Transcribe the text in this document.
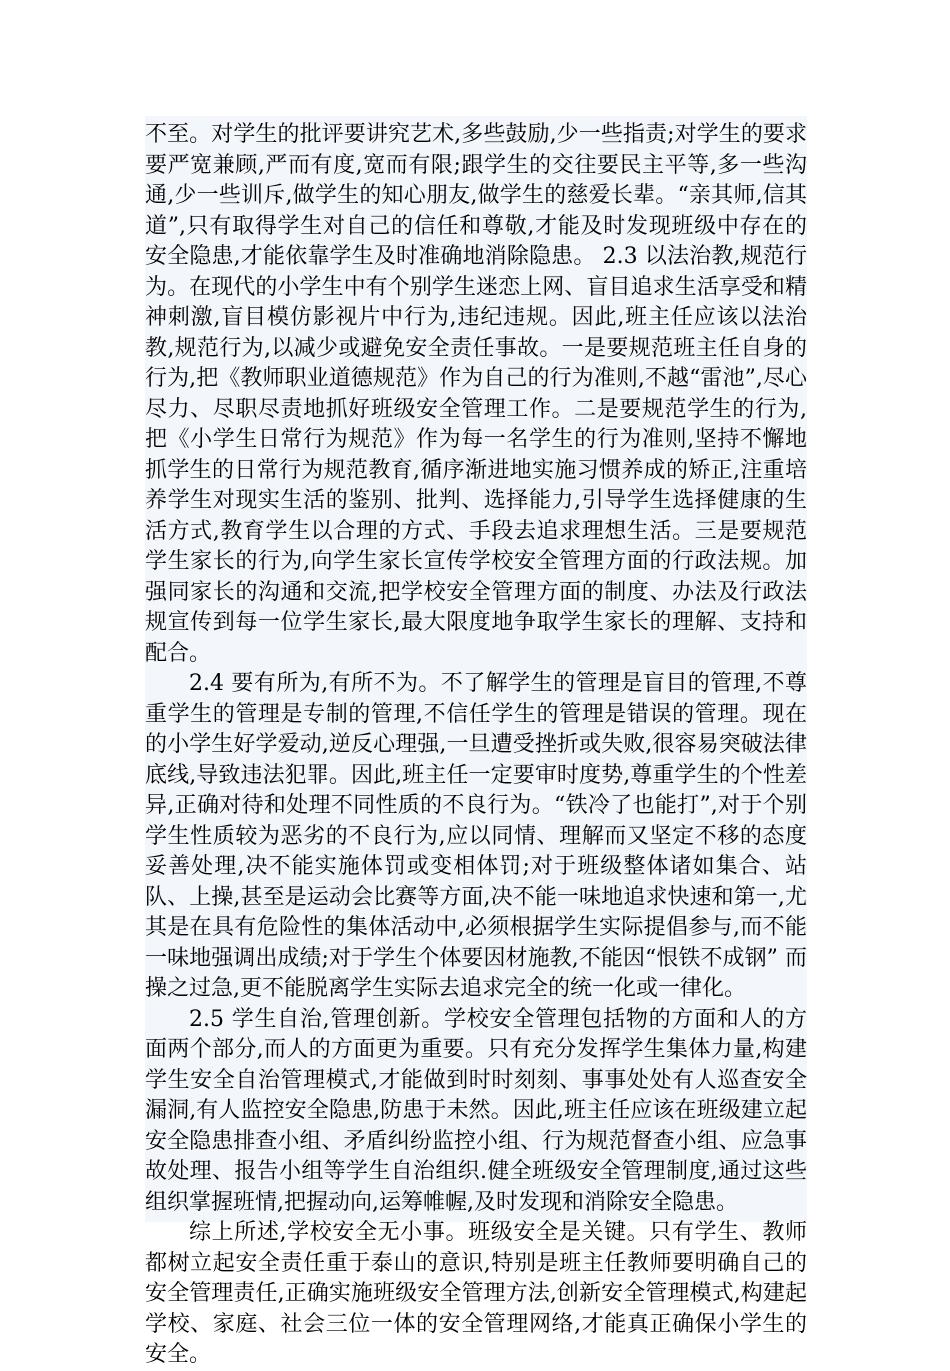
不至。对学生的批评要讲究艺术,多些鼓励,少一些指责;对学生的要求要严宽兼顾,严而有度,宽而有限;跟学生的交往要民主平等,多一些沟通,少一些训斥,做学生的知心朋友,做学生的慈爱长辈。“亲其师,信其道”,只有取得学生对自己的信任和尊敬,才能及时发现班级中存在的安全隐患,才能依靠学生及时准确地消除隐患。 2.3 以法治教,规范行为。在现代的小学生中有个别学生迷恋上网、盲目追求生活享受和精神刺激,盲目模仿影视片中行为,违纪违规。因此,班主任应该以法治教,规范行为,以减少或避免安全责任事故。一是要规范班主任自身的行为,把《教师职业道德规范》作为自己的行为准则,不越“雷池”,尽心尽力、尽职尽责地抓好班级安全管理工作。二是要规范学生的行为,把《小学生日常行为规范》作为每一名学生的行为准则,坚持不懈地抓学生的日常行为规范教育,循序渐进地实施习惯养成的矫正,注重培养学生对现实生活的鉴别、批判、选择能力,引导学生选择健康的生活方式,教育学生以合理的方式、手段去追求理想生活。三是要规范学生家长的行为,向学生家长宣传学校安全管理方面的行政法规。加强同家长的沟通和交流,把学校安全管理方面的制度、办法及行政法规宣传到每一位学生家长,最大限度地争取学生家长的理解、支持和配合。

2.4 要有所为,有所不为。不了解学生的管理是盲目的管理,不尊重学生的管理是专制的管理,不信任学生的管理是错误的管理。现在的小学生好学爱动,逆反心理强,一旦遭受挫折或失败,很容易突破法律底线,导致违法犯罪。因此,班主任一定要审时度势,尊重学生的个性差异,正确对待和处理不同性质的不良行为。“铁冷了也能打”,对于个别学生性质较为恶劣的不良行为,应以同情、理解而又坚定不移的态度妥善处理,决不能实施体罚或变相体罚;对于班级整体诸如集合、站队、上操,甚至是运动会比赛等方面,决不能一味地追求快速和第一,尤其是在具有危险性的集体活动中,必须根据学生实际提倡参与,而不能一味地强调出成绩;对于学生个体要因材施教,不能因“恨铁不成钢” 而操之过急,更不能脱离学生实际去追求完全的统一化或一律化。

2.5 学生自治,管理创新。学校安全管理包括物的方面和人的方面两个部分,而人的方面更为重要。只有充分发挥学生集体力量,构建学生安全自治管理模式,才能做到时时刻刻、事事处处有人巡查安全漏洞,有人监控安全隐患,防患于未然。因此,班主任应该在班级建立起安全隐患排查小组、矛盾纠纷监控小组、行为规范督查小组、应急事故处理、报告小组等学生自治组织.健全班级安全管理制度,通过这些组织掌握班情,把握动向,运筹帷幄,及时发现和消除安全隐患。

综上所述,学校安全无小事。班级安全是关键。只有学生、教师都树立起安全责任重于泰山的意识,特别是班主任教师要明确自己的安全管理责任,正确实施班级安全管理方法,创新安全管理模式,构建起学校、家庭、社会三位一体的安全管理网络,才能真正确保小学生的安全。
